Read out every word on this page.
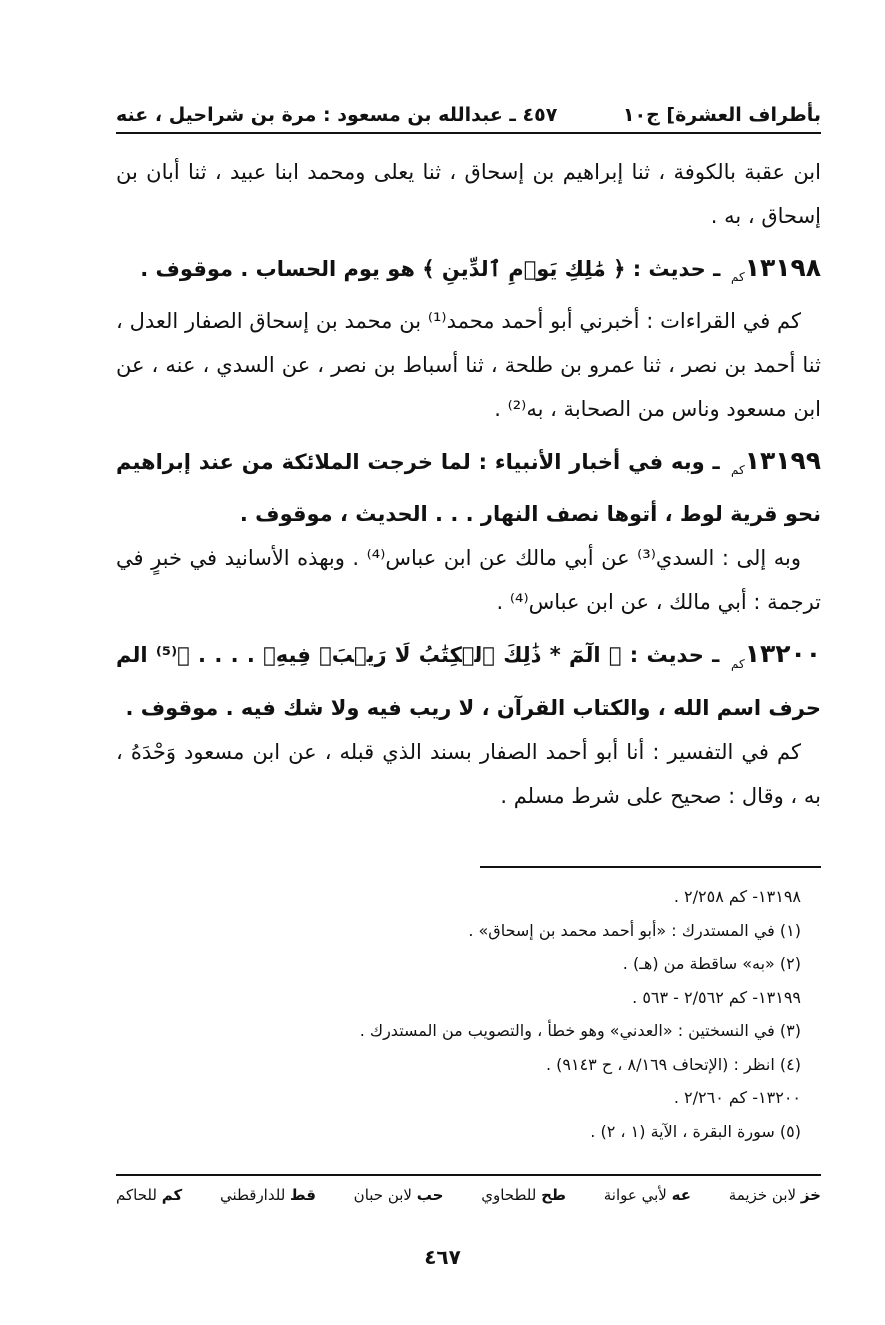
بأطراف العشرة] ج١٠
٤٥٧ ـ عبدالله بن مسعود : مرة بن شراحيل ، عنه

ابن عقبة بالكوفة ، ثنا إبراهيم بن إسحاق ، ثنا يعلى ومحمد ابنا عبيد ، ثنا أبان بن إسحاق ، به .

$١٣١٩٨_{كم}$ ـ حديث : ﴿ مَٰلِكِ يَوۡمِ ٱلدِّينِ ﴾ هو يوم الحساب . موقوف .

كم في القراءات : أخبرني أبو أحمد محمد⁽¹⁾ بن محمد بن إسحاق الصفار العدل ، ثنا أحمد بن نصر ، ثنا عمرو بن طلحة ، ثنا أسباط بن نصر ، عن السدي ، عنه ، عن ابن مسعود وناس من الصحابة ، به⁽²⁾ .

$١٣١٩٩_{كم}$ ـ وبه في أخبار الأنبياء : لما خرجت الملائكة من عند إبراهيم نحو قرية لوط ، أتوها نصف النهار . . . الحديث ، موقوف .

وبه إلى : السدي⁽³⁾ عن أبي مالك عن ابن عباس⁽⁴⁾ . وبهذه الأسانيد في خبرٍ في ترجمة : أبي مالك ، عن ابن عباس⁽⁴⁾ .

$١٣٢٠٠_{كم}$ ـ حديث : ﴿ الٓمٓ * ذَٰلِكَ ٱلۡكِتَٰبُ لَا رَيۡبَۛ فِيهِۛ . . . . ﴾⁽⁵⁾ الم حرف اسم الله ، والكتاب القرآن ، لا ريب فيه ولا شك فيه . موقوف .

كم في التفسير : أنا أبو أحمد الصفار بسند الذي قبله ، عن ابن مسعود وَحْدَهُ ، به ، وقال : صحيح على شرط مسلم .

١٣١٩٨- كم ٢/٢٥٨ .
(١) في المستدرك : «أبو أحمد محمد بن إسحاق» .
(٢) «به» ساقطة من (هـ) .
١٣١٩٩- كم ٢/٥٦٢ - ٥٦٣ .
(٣) في النسختين : «العدني» وهو خطأ ، والتصويب من المستدرك .
(٤) انظر : (الإتحاف ٨/١٦٩ ، ح ٩١٤٣) .
١٣٢٠٠- كم ٢/٢٦٠ .
(٥) سورة البقرة ، الآية (١ ، ٢) .
خز لابن خزيمة
عه لأبي عوانة
طح للطحاوي
حب لابن حبان
قط للدارقطني
كم للحاكم
٤٦٧
